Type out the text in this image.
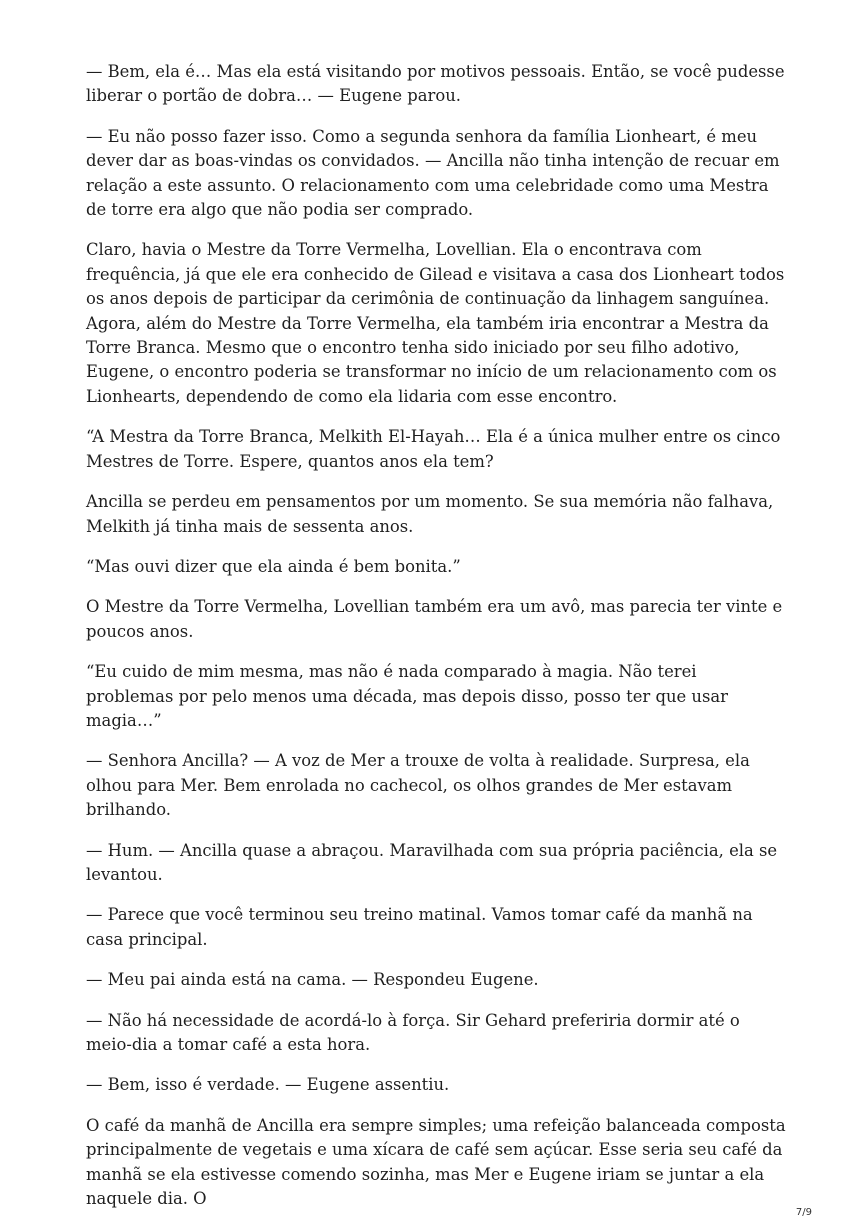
— Bem, ela é… Mas ela está visitando por motivos pessoais. Então, se você pudesse liberar o portão de dobra… — Eugene parou.

— Eu não posso fazer isso. Como a segunda senhora da família Lionheart, é meu dever dar as boas-vindas os convidados. — Ancilla não tinha intenção de recuar em relação a este assunto. O relacionamento com uma celebridade como uma Mestra de torre era algo que não podia ser comprado.

Claro, havia o Mestre da Torre Vermelha, Lovellian. Ela o encontrava com frequência, já que ele era conhecido de Gilead e visitava a casa dos Lionheart todos os anos depois de participar da cerimônia de continuação da linhagem sanguínea. Agora, além do Mestre da Torre Vermelha, ela também iria encontrar a Mestra da Torre Branca. Mesmo que o encontro tenha sido iniciado por seu filho adotivo, Eugene, o encontro poderia se transformar no início de um relacionamento com os Lionhearts, dependendo de como ela lidaria com esse encontro.

“A Mestra da Torre Branca, Melkith El-Hayah… Ela é a única mulher entre os cinco Mestres de Torre. Espere, quantos anos ela tem?

Ancilla se perdeu em pensamentos por um momento. Se sua memória não falhava, Melkith já tinha mais de sessenta anos.

“Mas ouvi dizer que ela ainda é bem bonita.”

O Mestre da Torre Vermelha, Lovellian também era um avô, mas parecia ter vinte e poucos anos.

“Eu cuido de mim mesma, mas não é nada comparado à magia. Não terei problemas por pelo menos uma década, mas depois disso, posso ter que usar magia…”

— Senhora Ancilla? — A voz de Mer a trouxe de volta à realidade. Surpresa, ela olhou para Mer. Bem enrolada no cachecol, os olhos grandes de Mer estavam brilhando.

— Hum. — Ancilla quase a abraçou. Maravilhada com sua própria paciência, ela se levantou.

— Parece que você terminou seu treino matinal. Vamos tomar café da manhã na casa principal.

— Meu pai ainda está na cama. — Respondeu Eugene.

— Não há necessidade de acordá-lo à força. Sir Gehard preferiria dormir até o meio-dia a tomar café a esta hora.

— Bem, isso é verdade. — Eugene assentiu.

O café da manhã de Ancilla era sempre simples; uma refeição balanceada composta principalmente de vegetais e uma xícara de café sem açúcar. Esse seria seu café da manhã se ela estivesse comendo sozinha, mas Mer e Eugene iriam se juntar a ela naquele dia. O

7/9
